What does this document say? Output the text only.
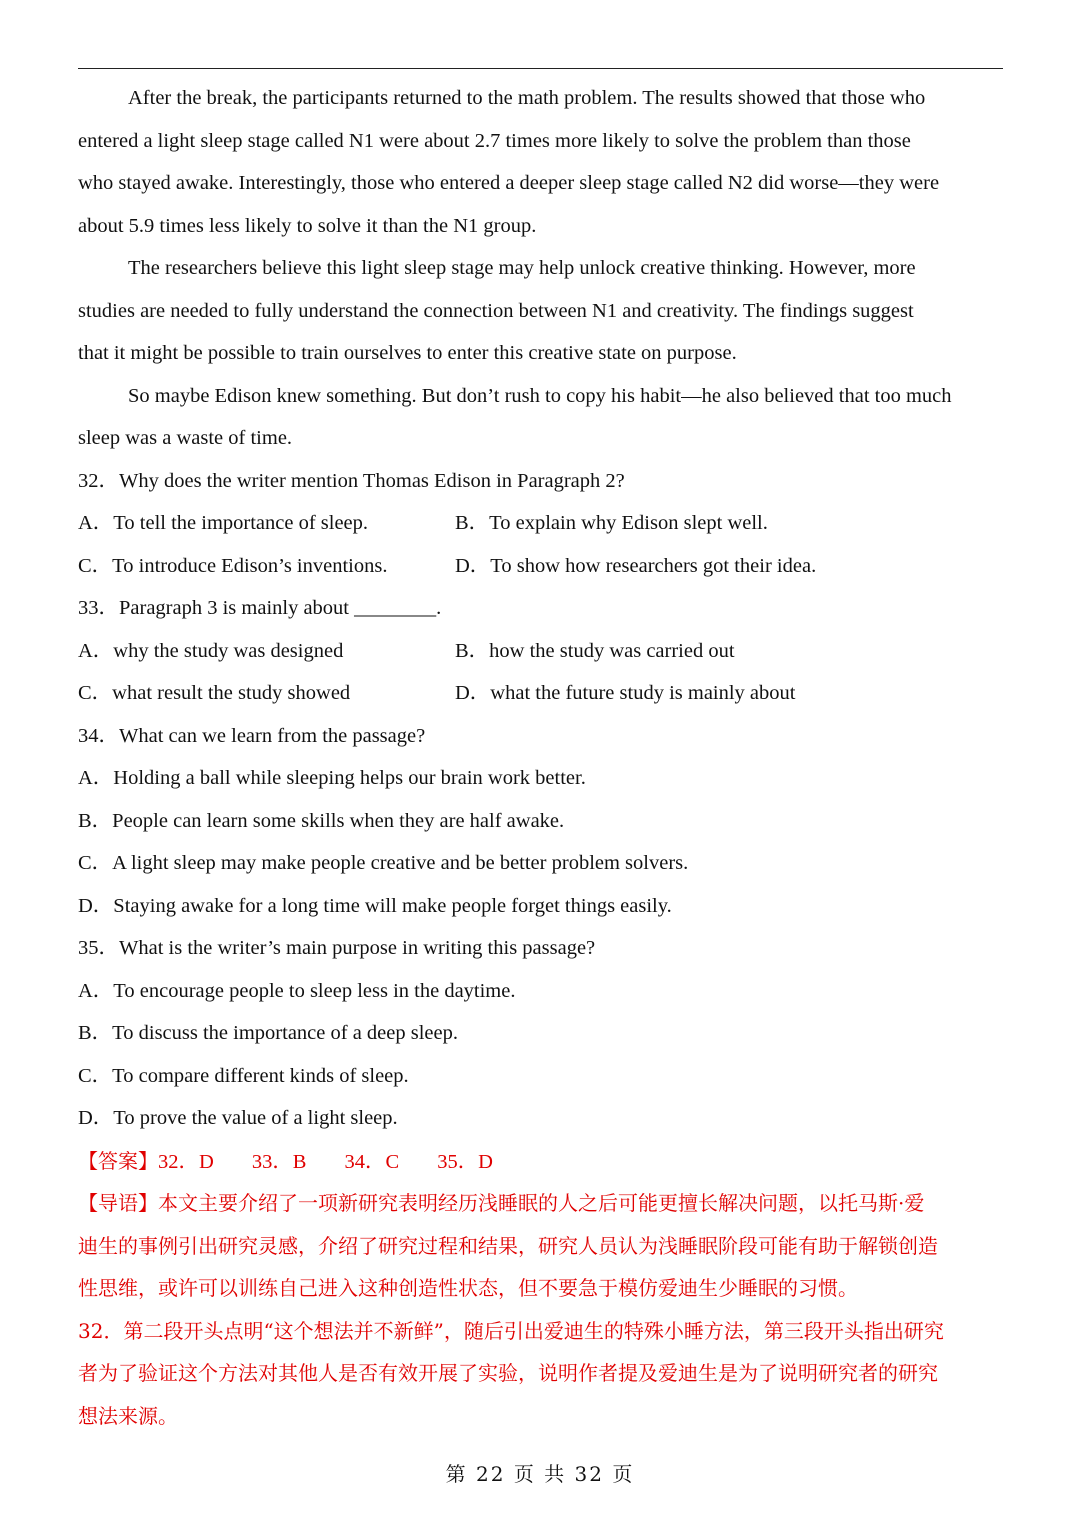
After the break, the participants returned to the math problem. The results showed that those who
entered a light sleep stage called N1 were about 2.7 times more likely to solve the problem than those
who stayed awake. Interestingly, those who entered a deeper sleep stage called N2 did worse—they were
about 5.9 times less likely to solve it than the N1 group.
The researchers believe this light sleep stage may help unlock creative thinking. However, more
studies are needed to fully understand the connection between N1 and creativity. The findings suggest
that it might be possible to train ourselves to enter this creative state on purpose.
So maybe Edison knew something. But don’t rush to copy his habit—he also believed that too much
sleep was a waste of time.
32．Why does the writer mention Thomas Edison in Paragraph 2?
A．To tell the importance of sleep.	B．To explain why Edison slept well.
C．To introduce Edison’s inventions.	D．To show how researchers got their idea.
33．Paragraph 3 is mainly about ________.
A．why the study was designed	B．how the study was carried out
C．what result the study showed	D．what the future study is mainly about
34．What can we learn from the passage?
A．Holding a ball while sleeping helps our brain work better.
B．People can learn some skills when they are half awake.
C．A light sleep may make people creative and be better problem solvers.
D．Staying awake for a long time will make people forget things easily.
35．What is the writer’s main purpose in writing this passage?
A．To encourage people to sleep less in the daytime.
B．To discuss the importance of a deep sleep.
C．To compare different kinds of sleep.
D．To prove the value of a light sleep.
【答案】32．D 33．B 34．C 35．D
【导语】本文主要介绍了一项新研究表明经历浅睡眠的人之后可能更擅长解决问题，以托马斯·爱
迪生的事例引出研究灵感，介绍了研究过程和结果，研究人员认为浅睡眠阶段可能有助于解锁创造
性思维，或许可以训练自己进入这种创造性状态，但不要急于模仿爱迪生少睡眠的习惯。
32．第二段开头点明“这个想法并不新鲜”，随后引出爱迪生的特殊小睡方法，第三段开头指出研究
者为了验证这个方法对其他人是否有效开展了实验，说明作者提及爱迪生是为了说明研究者的研究
想法来源。
第 22 页 共 32 页
